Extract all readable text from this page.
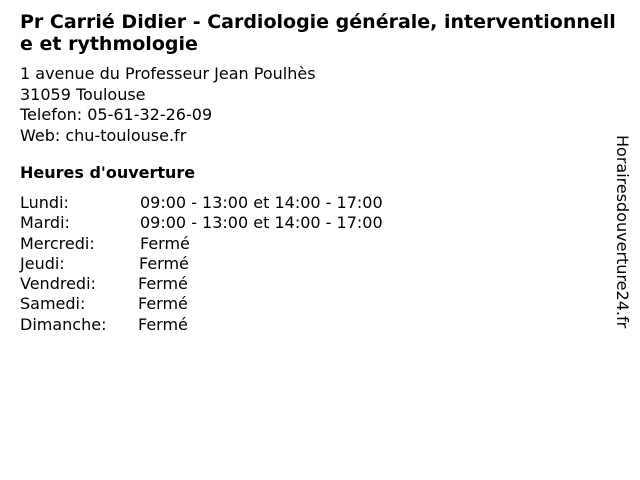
Pr Carrié Didier - Cardiologie générale, interventionnelle et rythmologie
1 avenue du Professeur Jean Poulhès
31059 Toulouse
Telefon: 05-61-32-26-09
Web: chu-toulouse.fr
Heures d'ouverture
Lundi:	09:00 - 13:00 et 14:00 - 17:00
Mardi:	09:00 - 13:00 et 14:00 - 17:00
Mercredi:	Fermé
Jeudi:	Fermé
Vendredi:	Fermé
Samedi:	Fermé
Dimanche: Fermé	Horairesdouverture24.fr
